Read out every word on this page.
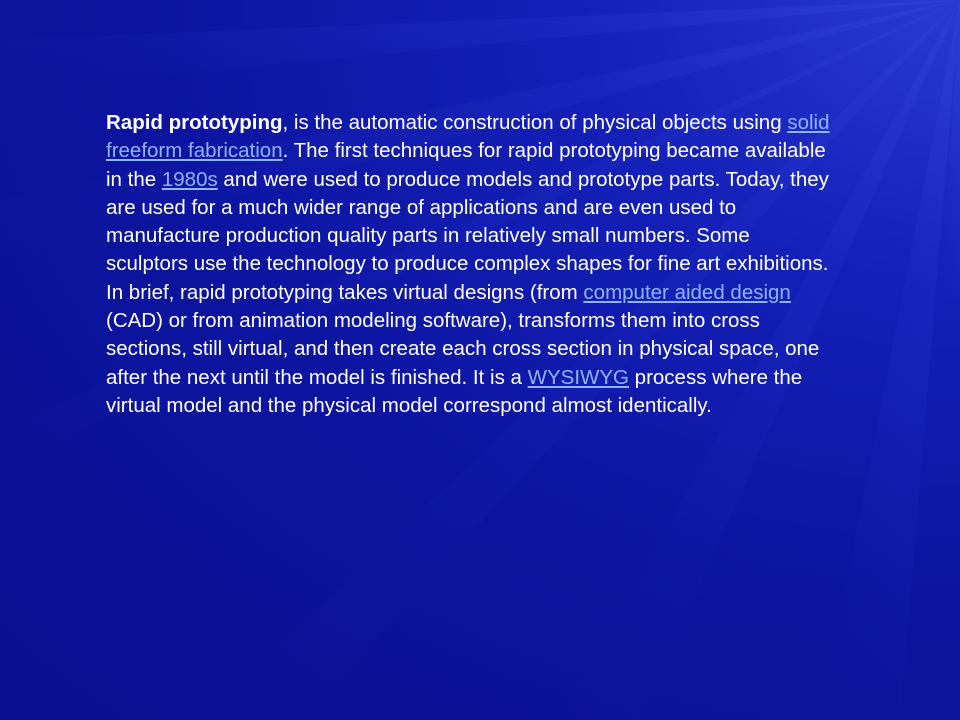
Rapid prototyping, is the automatic construction of physical objects using solid freeform fabrication. The first techniques for rapid prototyping became available in the 1980s and were used to produce models and prototype parts. Today, they are used for a much wider range of applications and are even used to manufacture production quality parts in relatively small numbers. Some sculptors use the technology to produce complex shapes for fine art exhibitions.

In brief, rapid prototyping takes virtual designs (from computer aided design (CAD) or from animation modeling software), transforms them into cross sections, still virtual, and then create each cross section in physical space, one after the next until the model is finished. It is a WYSIWYG process where the virtual model and the physical model correspond almost identically.
